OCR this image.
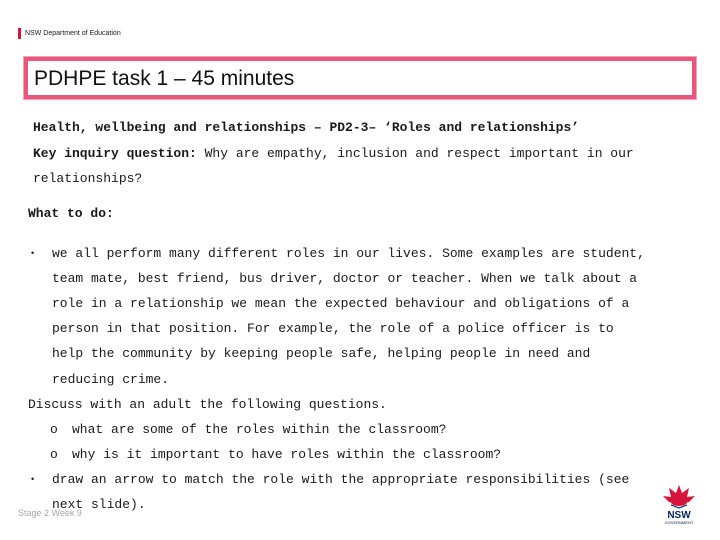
NSW Department of Education
PDHPE task 1 – 45 minutes
Health, wellbeing and relationships – PD2-3– ‘Roles and relationships’
Key inquiry question: Why are empathy, inclusion and respect important in our
relationships?
What to do:
• we all perform many different roles in our lives. Some examples are student,
team mate, best friend, bus driver, doctor or teacher. When we talk about a
role in a relationship we mean the expected behaviour and obligations of a
person in that position. For example, the role of a police officer is to
help the community by keeping people safe, helping people in need and
reducing crime.
Discuss with an adult the following questions.
o what are some of the roles within the classroom?
o why is it important to have roles within the classroom?
• draw an arrow to match the role with the appropriate responsibilities (see
next slide).
Stage 2 Week 9	NSW
GOVERNMENT
